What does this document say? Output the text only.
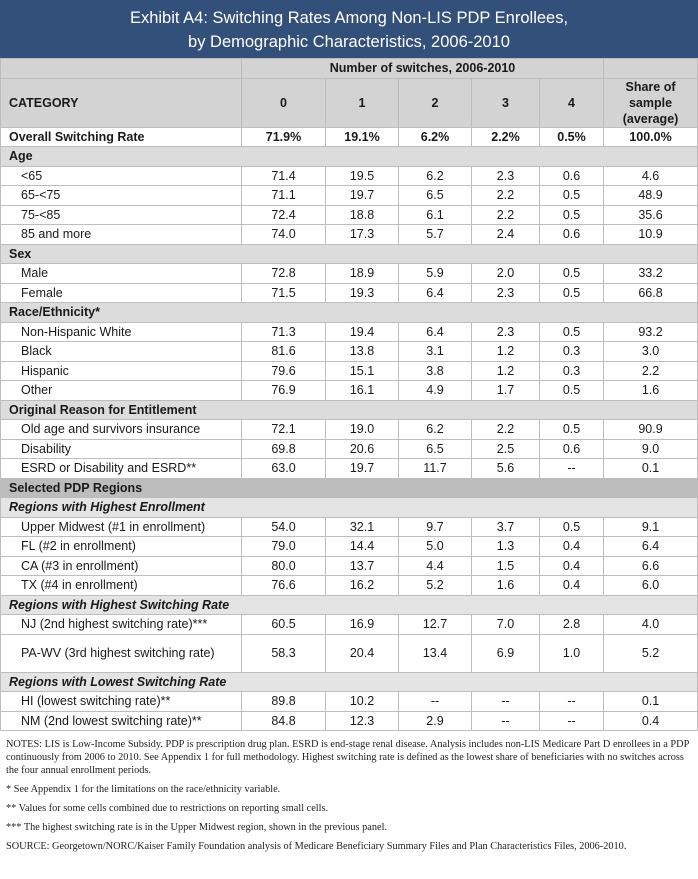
Exhibit A4: Switching Rates Among Non-LIS PDP Enrollees,
by Demographic Characteristics, 2006-2010
	Number of switches, 2006-2010					
CATEGORY	0	1	2	3	4	Share of sample (average)
Overall Switching Rate	71.9%	19.1%	6.2%	2.2%	0.5%	100.0%
Age						
<65	71.4	19.5	6.2	2.3	0.6	4.6
65-<75	71.1	19.7	6.5	2.2	0.5	48.9
75-<85	72.4	18.8	6.1	2.2	0.5	35.6
85 and more	74.0	17.3	5.7	2.4	0.6	10.9
Sex						
Male	72.8	18.9	5.9	2.0	0.5	33.2
Female	71.5	19.3	6.4	2.3	0.5	66.8
Race/Ethnicity*						
Non-Hispanic White	71.3	19.4	6.4	2.3	0.5	93.2
Black	81.6	13.8	3.1	1.2	0.3	3.0
Hispanic	79.6	15.1	3.8	1.2	0.3	2.2
Other	76.9	16.1	4.9	1.7	0.5	1.6
Original Reason for Entitlement						
Old age and survivors insurance	72.1	19.0	6.2	2.2	0.5	90.9
Disability	69.8	20.6	6.5	2.5	0.6	9.0
ESRD or Disability and ESRD**	63.0	19.7	11.7	5.6	--	0.1
Selected PDP Regions						
Regions with Highest Enrollment						
Upper Midwest (#1 in enrollment)	54.0	32.1	9.7	3.7	0.5	9.1
FL (#2 in enrollment)	79.0	14.4	5.0	1.3	0.4	6.4
CA (#3 in enrollment)	80.0	13.7	4.4	1.5	0.4	6.6
TX (#4 in enrollment)	76.6	16.2	5.2	1.6	0.4	6.0
Regions with Highest Switching Rate						
NJ (2nd highest switching rate)***	60.5	16.9	12.7	7.0	2.8	4.0
PA-WV (3rd highest switching rate)	58.3	20.4	13.4	6.9	1.0	5.2
Regions with Lowest Switching Rate						
HI (lowest switching rate)**	89.8	10.2	--	--	--	0.1
NM (2nd lowest switching rate)**	84.8	12.3	2.9	--	--	0.4

NOTES: LIS is Low-Income Subsidy. PDP is prescription drug plan. ESRD is end-stage renal disease. Analysis includes non-LIS Medicare Part D enrollees in a PDP continuously from 2006 to 2010. See Appendix 1 for full methodology. Highest switching rate is defined as the lowest share of beneficiaries with no switches across the four annual enrollment periods.

* See Appendix 1 for the limitations on the race/ethnicity variable.

** Values for some cells combined due to restrictions on reporting small cells.

*** The highest switching rate is in the Upper Midwest region, shown in the previous panel.

SOURCE: Georgetown/NORC/Kaiser Family Foundation analysis of Medicare Beneficiary Summary Files and Plan Characteristics Files, 2006-2010.
